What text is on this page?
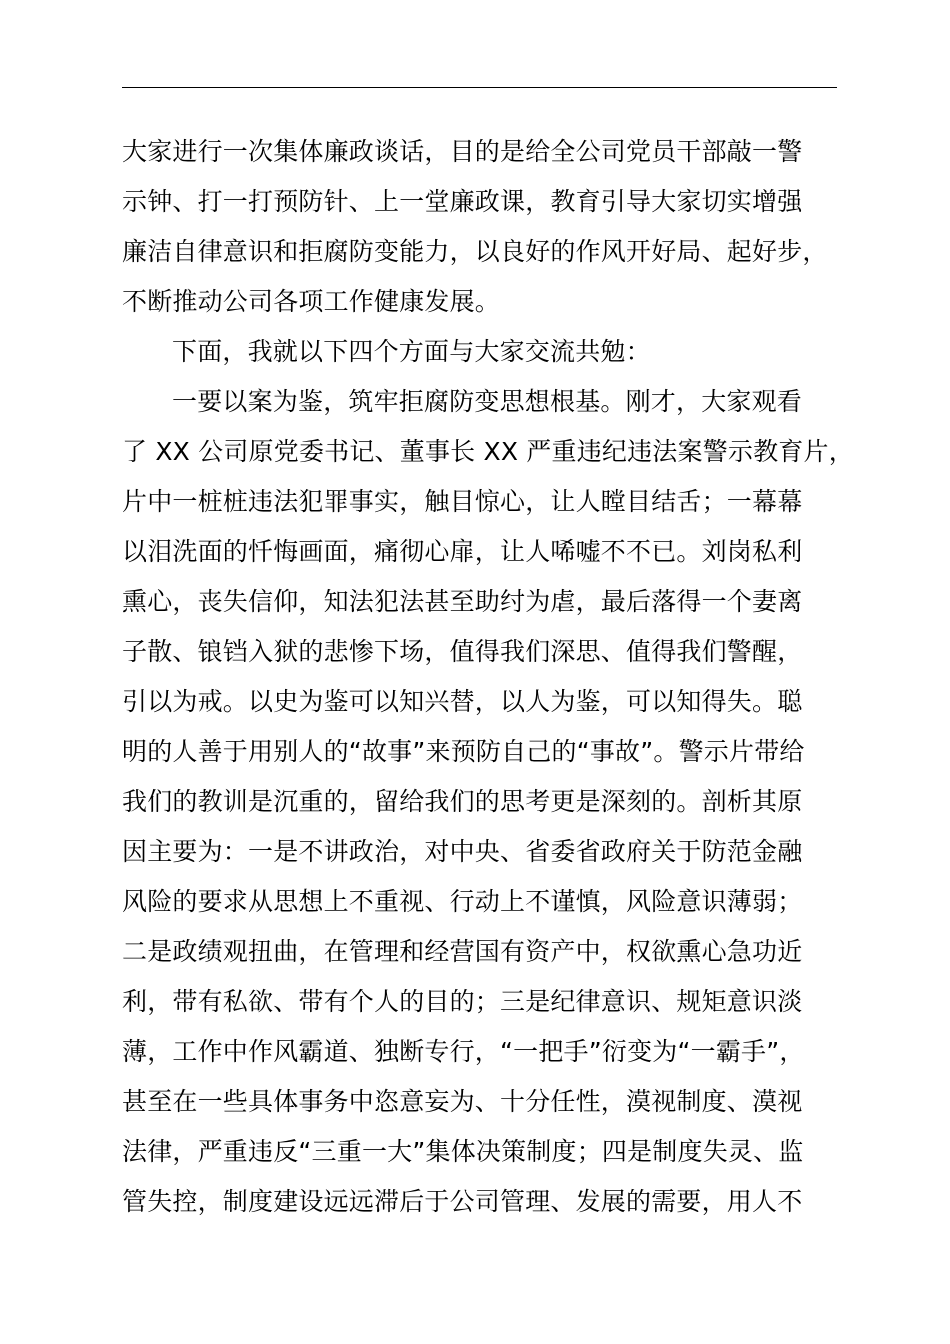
大家进行一次集体廉政谈话，目的是给全公司党员干部敲一警
示钟、打一打预防针、上一堂廉政课，教育引导大家切实增强
廉洁自律意识和拒腐防变能力，以良好的作风开好局、起好步，
不断推动公司各项工作健康发展。
下面，我就以下四个方面与大家交流共勉：
一要以案为鉴，筑牢拒腐防变思想根基。刚才，大家观看
了 XX 公司原党委书记、董事长 XX 严重违纪违法案警示教育片，
片中一桩桩违法犯罪事实，触目惊心，让人瞠目结舌；一幕幕
以泪洗面的忏悔画面，痛彻心扉，让人唏嘘不不已。刘岗私利
熏心，丧失信仰，知法犯法甚至助纣为虐，最后落得一个妻离
子散、锒铛入狱的悲惨下场，值得我们深思、值得我们警醒，
引以为戒。以史为鉴可以知兴替，以人为鉴，可以知得失。聪
明的人善于用别人的“故事”来预防自己的“事故”。警示片带给
我们的教训是沉重的，留给我们的思考更是深刻的。剖析其原
因主要为：一是不讲政治，对中央、省委省政府关于防范金融
风险的要求从思想上不重视、行动上不谨慎，风险意识薄弱；
二是政绩观扭曲，在管理和经营国有资产中，权欲熏心急功近
利，带有私欲、带有个人的目的；三是纪律意识、规矩意识淡
薄，工作中作风霸道、独断专行，“一把手”衍变为“一霸手”，
甚至在一些具体事务中恣意妄为、十分任性，漠视制度、漠视
法律，严重违反“三重一大”集体决策制度；四是制度失灵、监
管失控，制度建设远远滞后于公司管理、发展的需要，用人不
